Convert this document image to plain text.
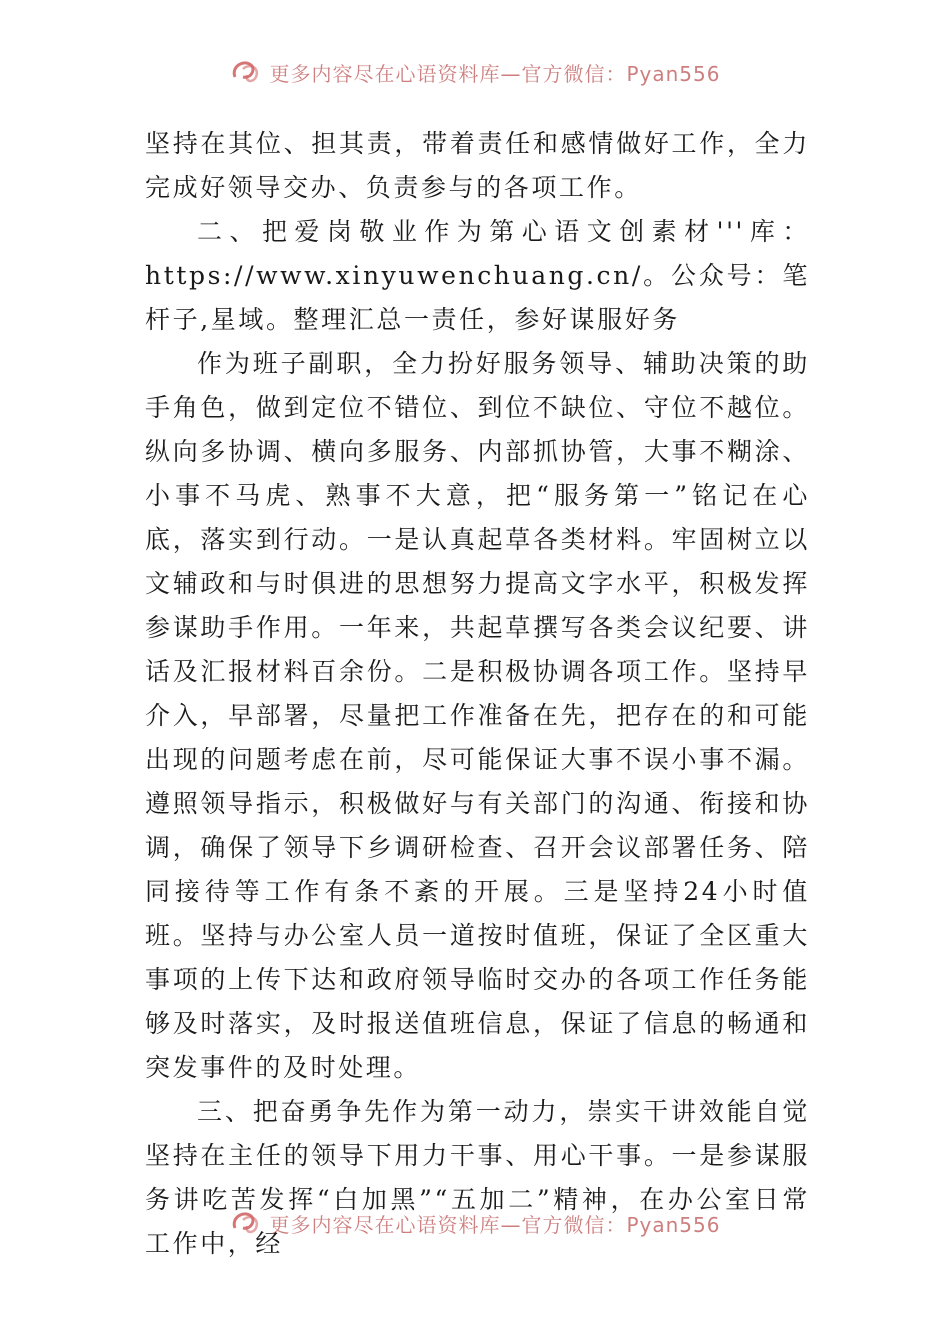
更多内容尽在心语资料库—官方微信：Pyan556

坚持在其位、担其责，带着责任和感情做好工作，全力完成好领导交办、负责参与的各项工作。

二、把爱岗敬业作为第心语文创素材'''库：https://www.xinyuwenchuang.cn/。公众号：笔杆子,星域。整理汇总一责任，参好谋服好务

作为班子副职，全力扮好服务领导、辅助决策的助手角色，做到定位不错位、到位不缺位、守位不越位。纵向多协调、横向多服务、内部抓协管，大事不糊涂、小事不马虎、熟事不大意，把“服务第一”铭记在心底，落实到行动。一是认真起草各类材料。牢固树立以文辅政和与时俱进的思想努力提高文字水平，积极发挥参谋助手作用。一年来，共起草撰写各类会议纪要、讲话及汇报材料百余份。二是积极协调各项工作。坚持早介入，早部署，尽量把工作准备在先，把存在的和可能出现的问题考虑在前，尽可能保证大事不误小事不漏。遵照领导指示，积极做好与有关部门的沟通、衔接和协调，确保了领导下乡调研检查、召开会议部署任务、陪同接待等工作有条不紊的开展。三是坚持24小时值班。坚持与办公室人员一道按时值班，保证了全区重大事项的上传下达和政府领导临时交办的各项工作任务能够及时落实，及时报送值班信息，保证了信息的畅通和突发事件的及时处理。

三、把奋勇争先作为第一动力，崇实干讲效能自觉坚持在主任的领导下用力干事、用心干事。一是参谋服务讲吃苦发挥“白加黑”“五加二”精神，在办公室日常工作中，经

更多内容尽在心语资料库—官方微信：Pyan556
